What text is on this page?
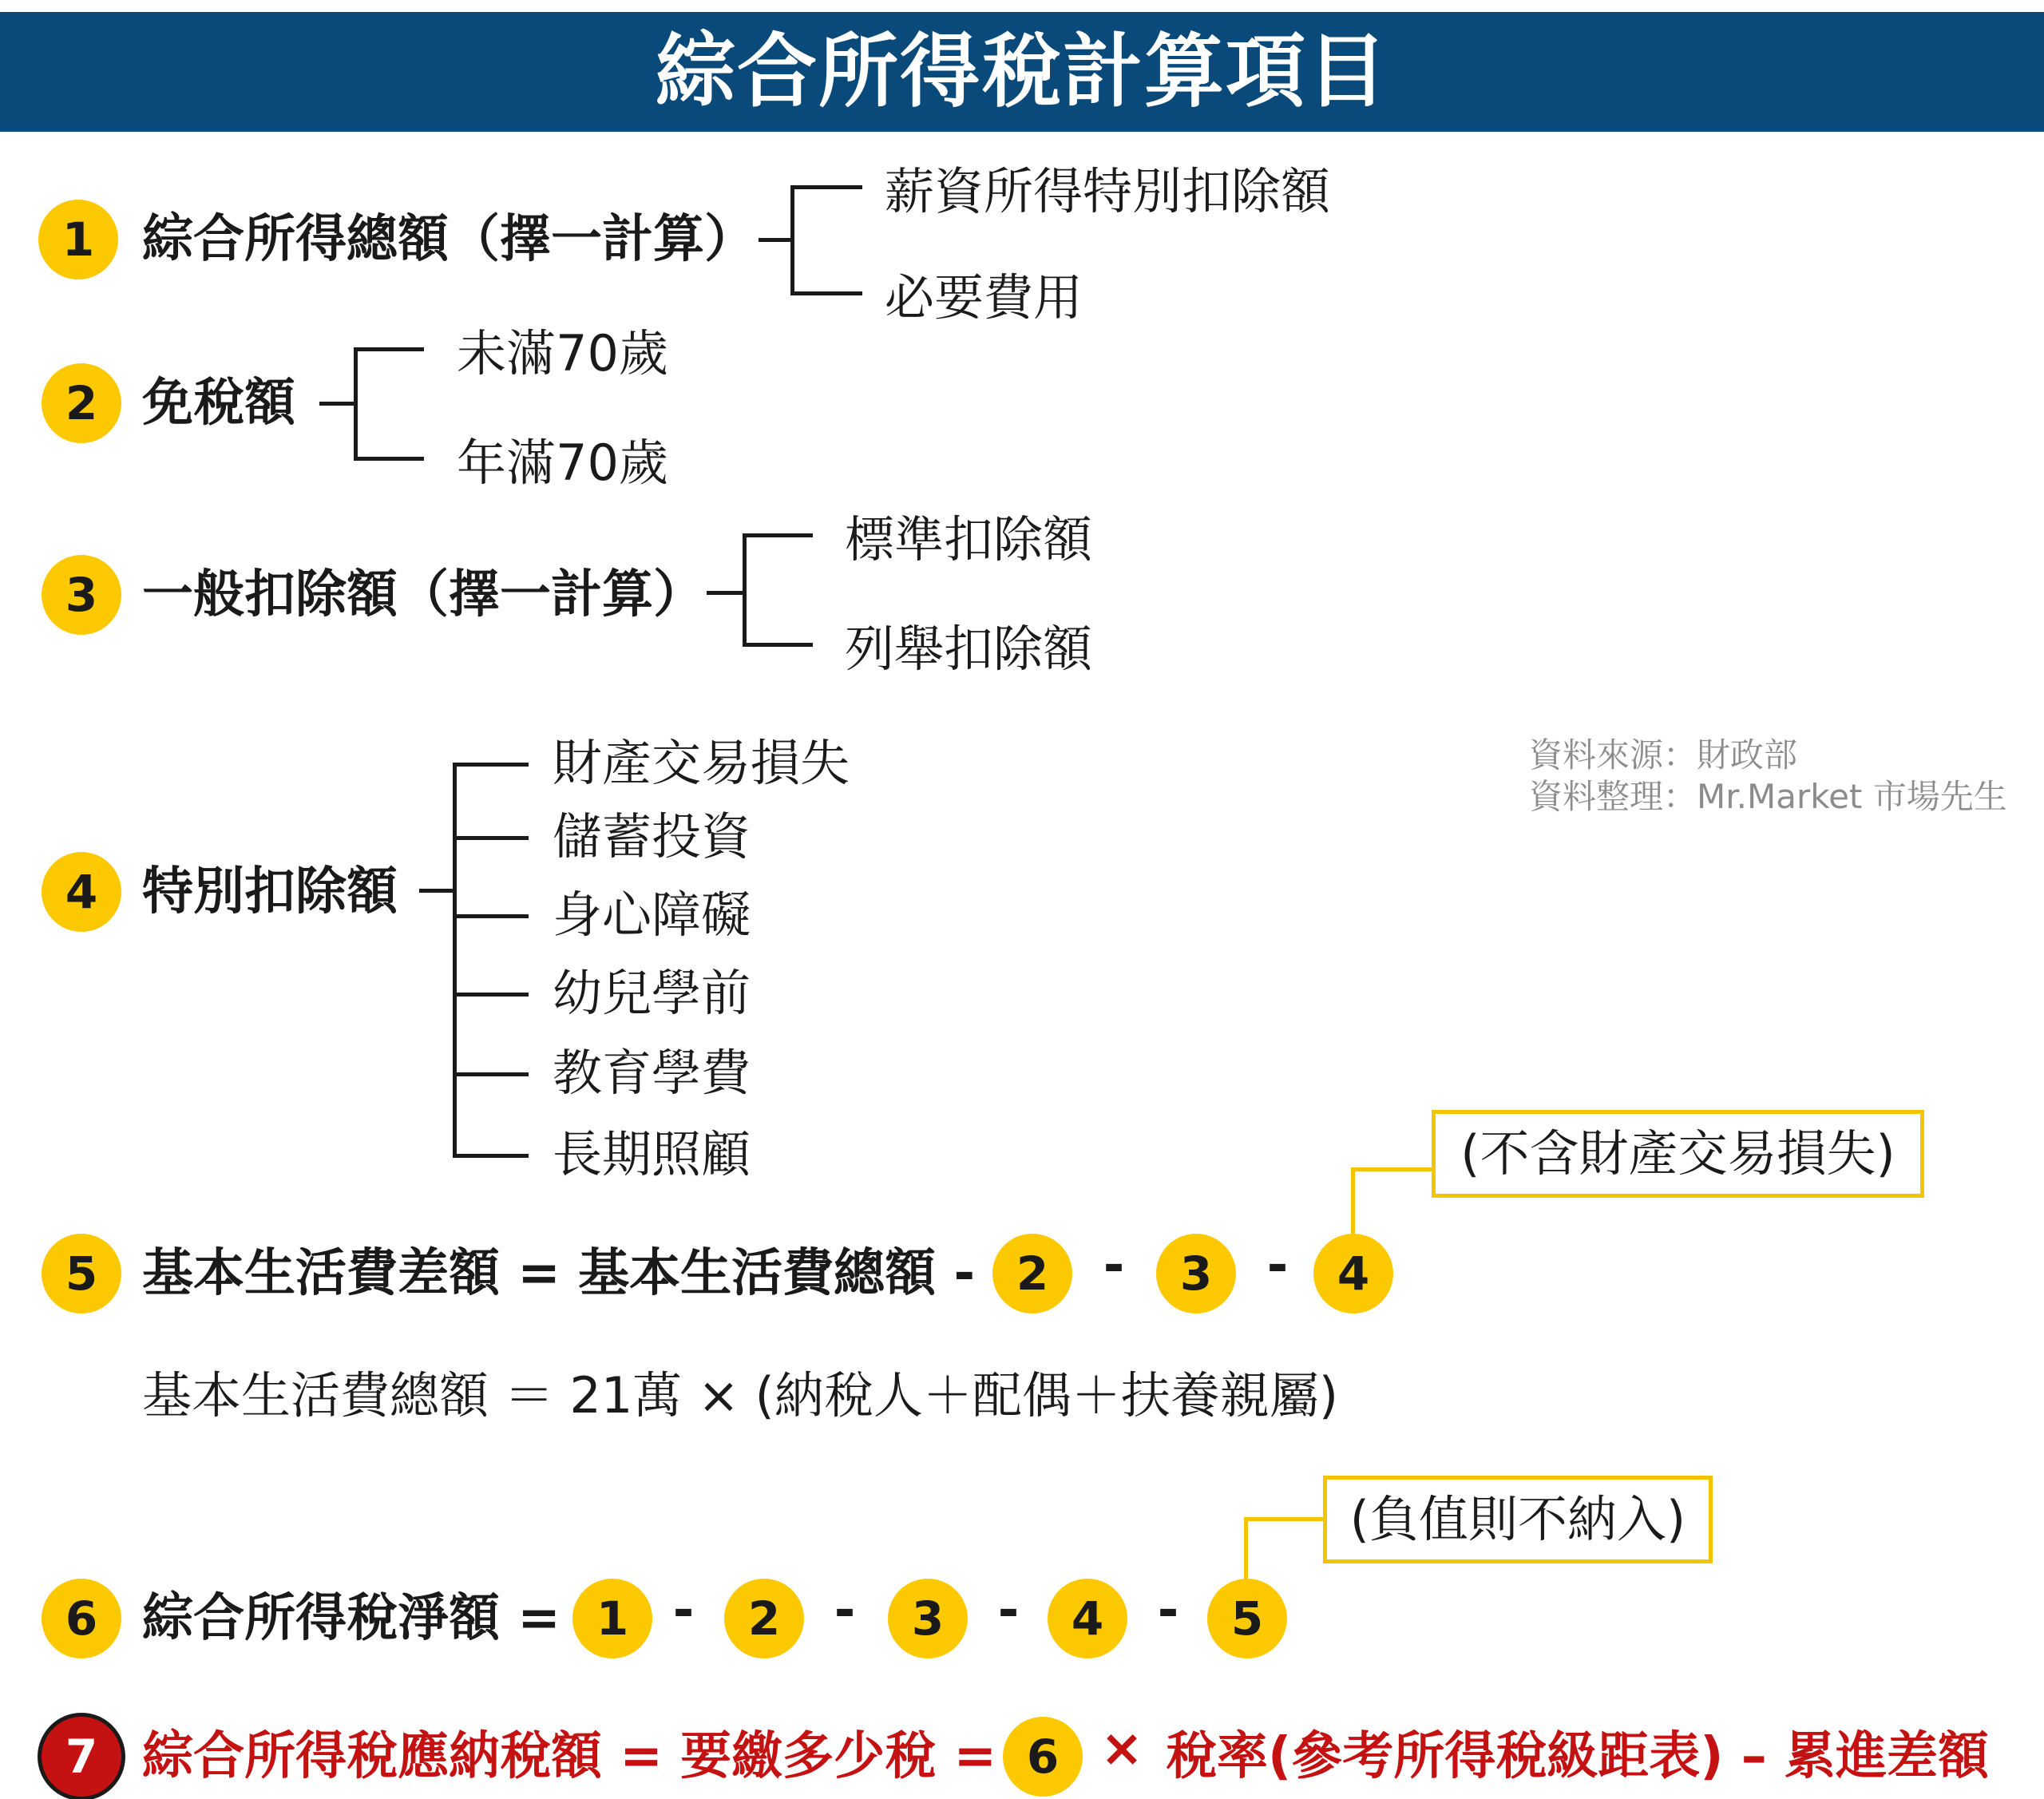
綜合所得稅計算項目
1 綜合所得總額（擇一計算）
薪資所得特別扣除額
必要費用
2 免稅額
未滿70歲
年滿70歲
3 一般扣除額（擇一計算）
標準扣除額
列舉扣除額
4 特別扣除額
財產交易損失
儲蓄投資
身心障礙
幼兒學前
教育學費
長期照顧
資料來源：財政部
資料整理：Mr.Market 市場先生
(不含財產交易損失)
5 基本生活費差額 = 基本生活費總額 - 2	-	3	-	4
基本生活費總額 ＝ 21萬 × (納稅人＋配偶＋扶養親屬)
(負值則不納入)
6 綜合所得稅淨額 = 1 -	2	-	3	-	4	-	5
7 綜合所得稅應納稅額 = 要繳多少稅 = 6 × 稅率(參考所得稅級距表) – 累進差額
